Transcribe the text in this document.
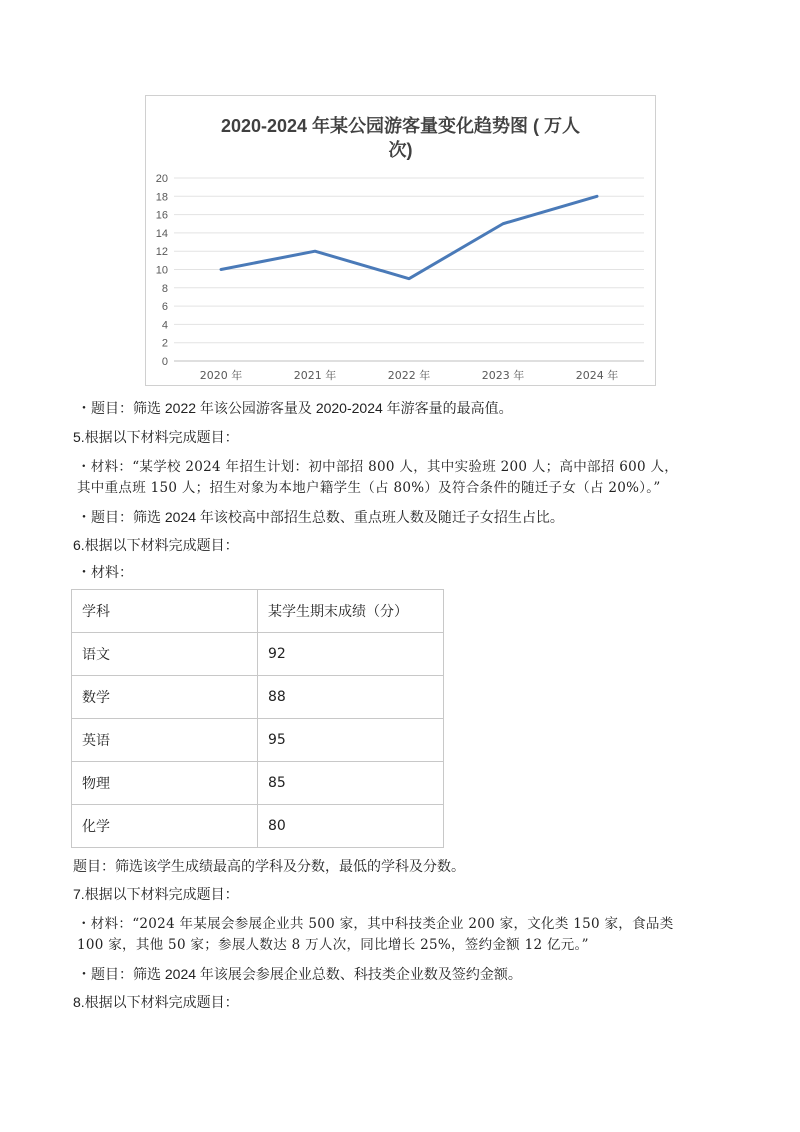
2020-2024 年某公园游客量变化趋势图 ( 万人
次)
0
2
4
6
8
10
12
14
16
18
20
2020 年	2021 年	2022 年	2023 年	2024 年
・题目：筛选 2022 年该公园游客量及 2020-2024 年游客量的最高值。
5.根据以下材料完成题目：
・材料：“某学校 2024 年招生计划：初中部招 800 人，其中实验班 200 人；高中部招 600 人，
其中重点班 150 人；招生对象为本地户籍学生（占 80%）及符合条件的随迁子女（占 20%）。”
・题目：筛选 2024 年该校高中部招生总数、重点班人数及随迁子女招生占比。
6.根据以下材料完成题目：
・材料：
学科	某学生期末成绩（分）
语文	92
数学	88
英语	95
物理	85
化学	80
题目：筛选该学生成绩最高的学科及分数，最低的学科及分数。
7.根据以下材料完成题目：
・材料：“2024 年某展会参展企业共 500 家，其中科技类企业 200 家，文化类 150 家，食品类
100 家，其他 50 家；参展人数达 8 万人次，同比增长 25%，签约金额 12 亿元。”
・题目：筛选 2024 年该展会参展企业总数、科技类企业数及签约金额。
8.根据以下材料完成题目：
